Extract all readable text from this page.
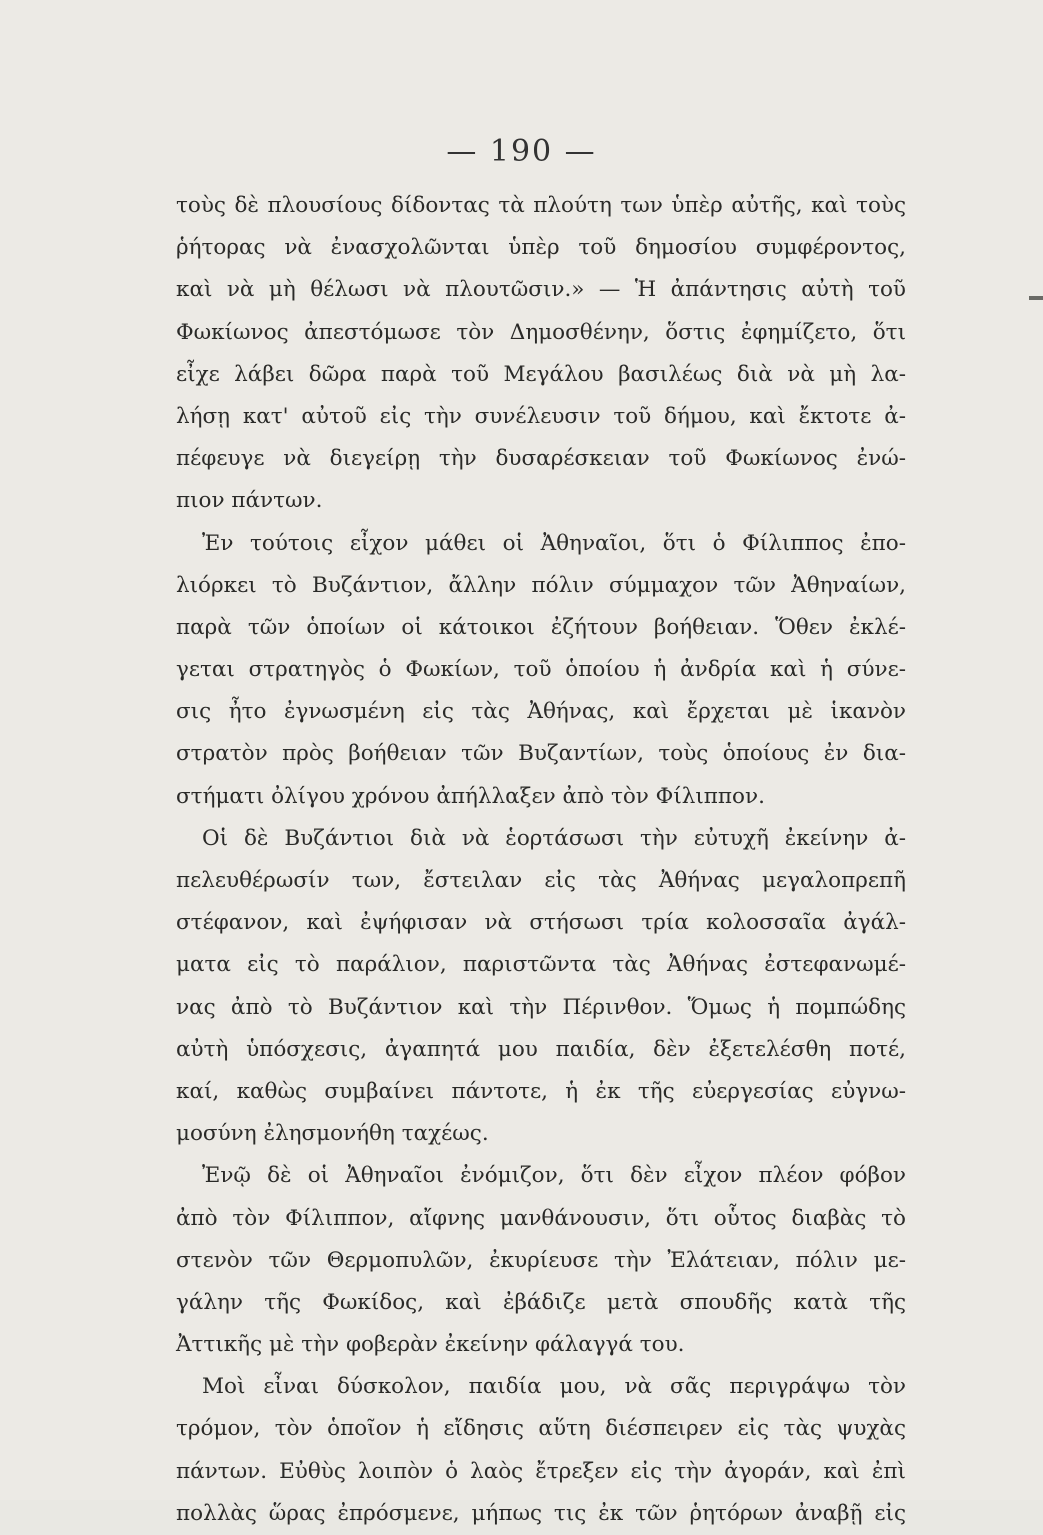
— 190 —
τοὺς δὲ πλουσίους δίδοντας τὰ πλούτη των ὑπὲρ αὐτῆς, καὶ τοὺς
ῥήτορας νὰ ἐνασχολῶνται ὑπὲρ τοῦ δημοσίου συμφέροντος,
καὶ νὰ μὴ θέλωσι νὰ πλουτῶσιν.» — Ἡ ἀπάντησις αὐτὴ τοῦ
Φωκίωνος ἀπεστόμωσε τὸν Δημοσθένην, ὅστις ἐφημίζετο, ὅτι
εἶχε λάβει δῶρα παρὰ τοῦ Μεγάλου βασιλέως διὰ νὰ μὴ λα-
λήσῃ κατ' αὐτοῦ εἰς τὴν συνέλευσιν τοῦ δήμου, καὶ ἔκτοτε ἀ-
πέφευγε νὰ διεγείρῃ τὴν δυσαρέσκειαν τοῦ Φωκίωνος ἐνώ-
πιον πάντων.
Ἐν τούτοις εἶχον μάθει οἱ Ἀθηναῖοι, ὅτι ὁ Φίλιππος ἐπο-
λιόρκει τὸ Βυζάντιον, ἄλλην πόλιν σύμμαχον τῶν Ἀθηναίων,
παρὰ τῶν ὁποίων οἱ κάτοικοι ἐζήτουν βοήθειαν. Ὅθεν ἐκλέ-
γεται στρατηγὸς ὁ Φωκίων, τοῦ ὁποίου ἡ ἀνδρία καὶ ἡ σύνε-
σις ἦτο ἐγνωσμένη εἰς τὰς Ἀθήνας, καὶ ἔρχεται μὲ ἱκανὸν
στρατὸν πρὸς βοήθειαν τῶν Βυζαντίων, τοὺς ὁποίους ἐν δια-
στήματι ὀλίγου χρόνου ἀπήλλαξεν ἀπὸ τὸν Φίλιππον.
Οἱ δὲ Βυζάντιοι διὰ νὰ ἑορτάσωσι τὴν εὐτυχῆ ἐκείνην ἀ-
πελευθέρωσίν των, ἔστειλαν εἰς τὰς Ἀθήνας μεγαλοπρεπῆ
στέφανον, καὶ ἐψήφισαν νὰ στήσωσι τρία κολοσσαῖα ἀγάλ-
ματα εἰς τὸ παράλιον, παριστῶντα τὰς Ἀθήνας ἐστεφανωμέ-
νας ἀπὸ τὸ Βυζάντιον καὶ τὴν Πέρινθον. Ὅμως ἡ πομπώδης
αὐτὴ ὑπόσχεσις, ἀγαπητά μου παιδία, δὲν ἐξετελέσθη ποτέ,
καί, καθὼς συμβαίνει πάντοτε, ἡ ἐκ τῆς εὐεργεσίας εὐγνω-
μοσύνη ἐλησμονήθη ταχέως.
Ἐνῷ δὲ οἱ Ἀθηναῖοι ἐνόμιζον, ὅτι δὲν εἶχον πλέον φόβον
ἀπὸ τὸν Φίλιππον, αἴφνης μανθάνουσιν, ὅτι οὗτος διαβὰς τὸ
στενὸν τῶν Θερμοπυλῶν, ἐκυρίευσε τὴν Ἐλάτειαν, πόλιν με-
γάλην τῆς Φωκίδος, καὶ ἐβάδιζε μετὰ σπουδῆς κατὰ τῆς
Ἀττικῆς μὲ τὴν φοβερὰν ἐκείνην φάλαγγά του.
Μοὶ εἶναι δύσκολον, παιδία μου, νὰ σᾶς περιγράψω τὸν
τρόμον, τὸν ὁποῖον ἡ εἴδησις αὕτη διέσπειρεν εἰς τὰς ψυχὰς
πάντων. Εὐθὺς λοιπὸν ὁ λαὸς ἔτρεξεν εἰς τὴν ἀγοράν, καὶ ἐπὶ
πολλὰς ὥρας ἐπρόσμενε, μήπως τις ἐκ τῶν ῥητόρων ἀναβῇ εἰς
